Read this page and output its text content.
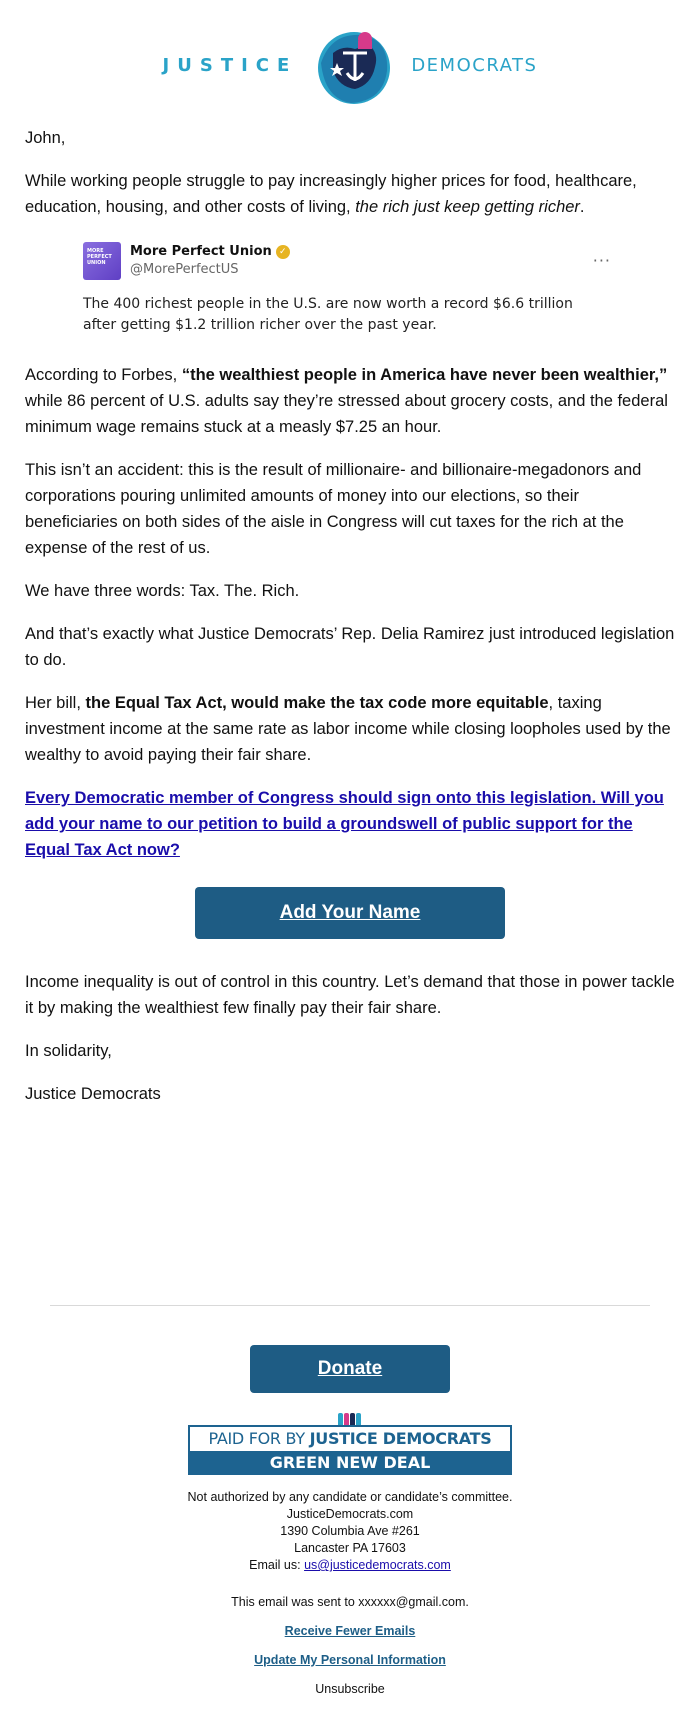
JUSTICE	DEMOCRATS

John,

While working people struggle to pay increasingly higher prices for food, healthcare, education, housing, and other costs of living, the rich just keep getting richer.

MORE PERFECT UNION
More Perfect Union ✓
@MorePerfectUS	···
The 400 richest people in the U.S. are now worth a record $6.6 trillion after getting $1.2 trillion richer over the past year.

According to Forbes, “the wealthiest people in America have never been wealthier,” while 86 percent of U.S. adults say they’re stressed about grocery costs, and the federal minimum wage remains stuck at a measly $7.25 an hour.

This isn’t an accident: this is the result of millionaire- and billionaire-megadonors and corporations pouring unlimited amounts of money into our elections, so their beneficiaries on both sides of the aisle in Congress will cut taxes for the rich at the expense of the rest of us.

We have three words: Tax. The. Rich.

And that’s exactly what Justice Democrats’ Rep. Delia Ramirez just introduced legislation to do.

Her bill, the Equal Tax Act, would make the tax code more equitable, taxing investment income at the same rate as labor income while closing loopholes used by the wealthy to avoid paying their fair share.

Every Democratic member of Congress should sign onto this legislation. Will you add your name to our petition to build a groundswell of public support for the Equal Tax Act now?

Add Your Name

Income inequality is out of control in this country. Let’s demand that those in power tackle it by making the wealthiest few finally pay their fair share.

In solidarity,

Justice Democrats

Donate
PAID FOR BY JUSTICE DEMOCRATS
GREEN NEW DEAL
Not authorized by any candidate or candidate’s committee.
JusticeDemocrats.com
1390 Columbia Ave #261
Lancaster PA 17603
Email us: us@justicedemocrats.com
This email was sent to xxxxxx@gmail.com.
Receive Fewer Emails
Update My Personal Information
Unsubscribe
